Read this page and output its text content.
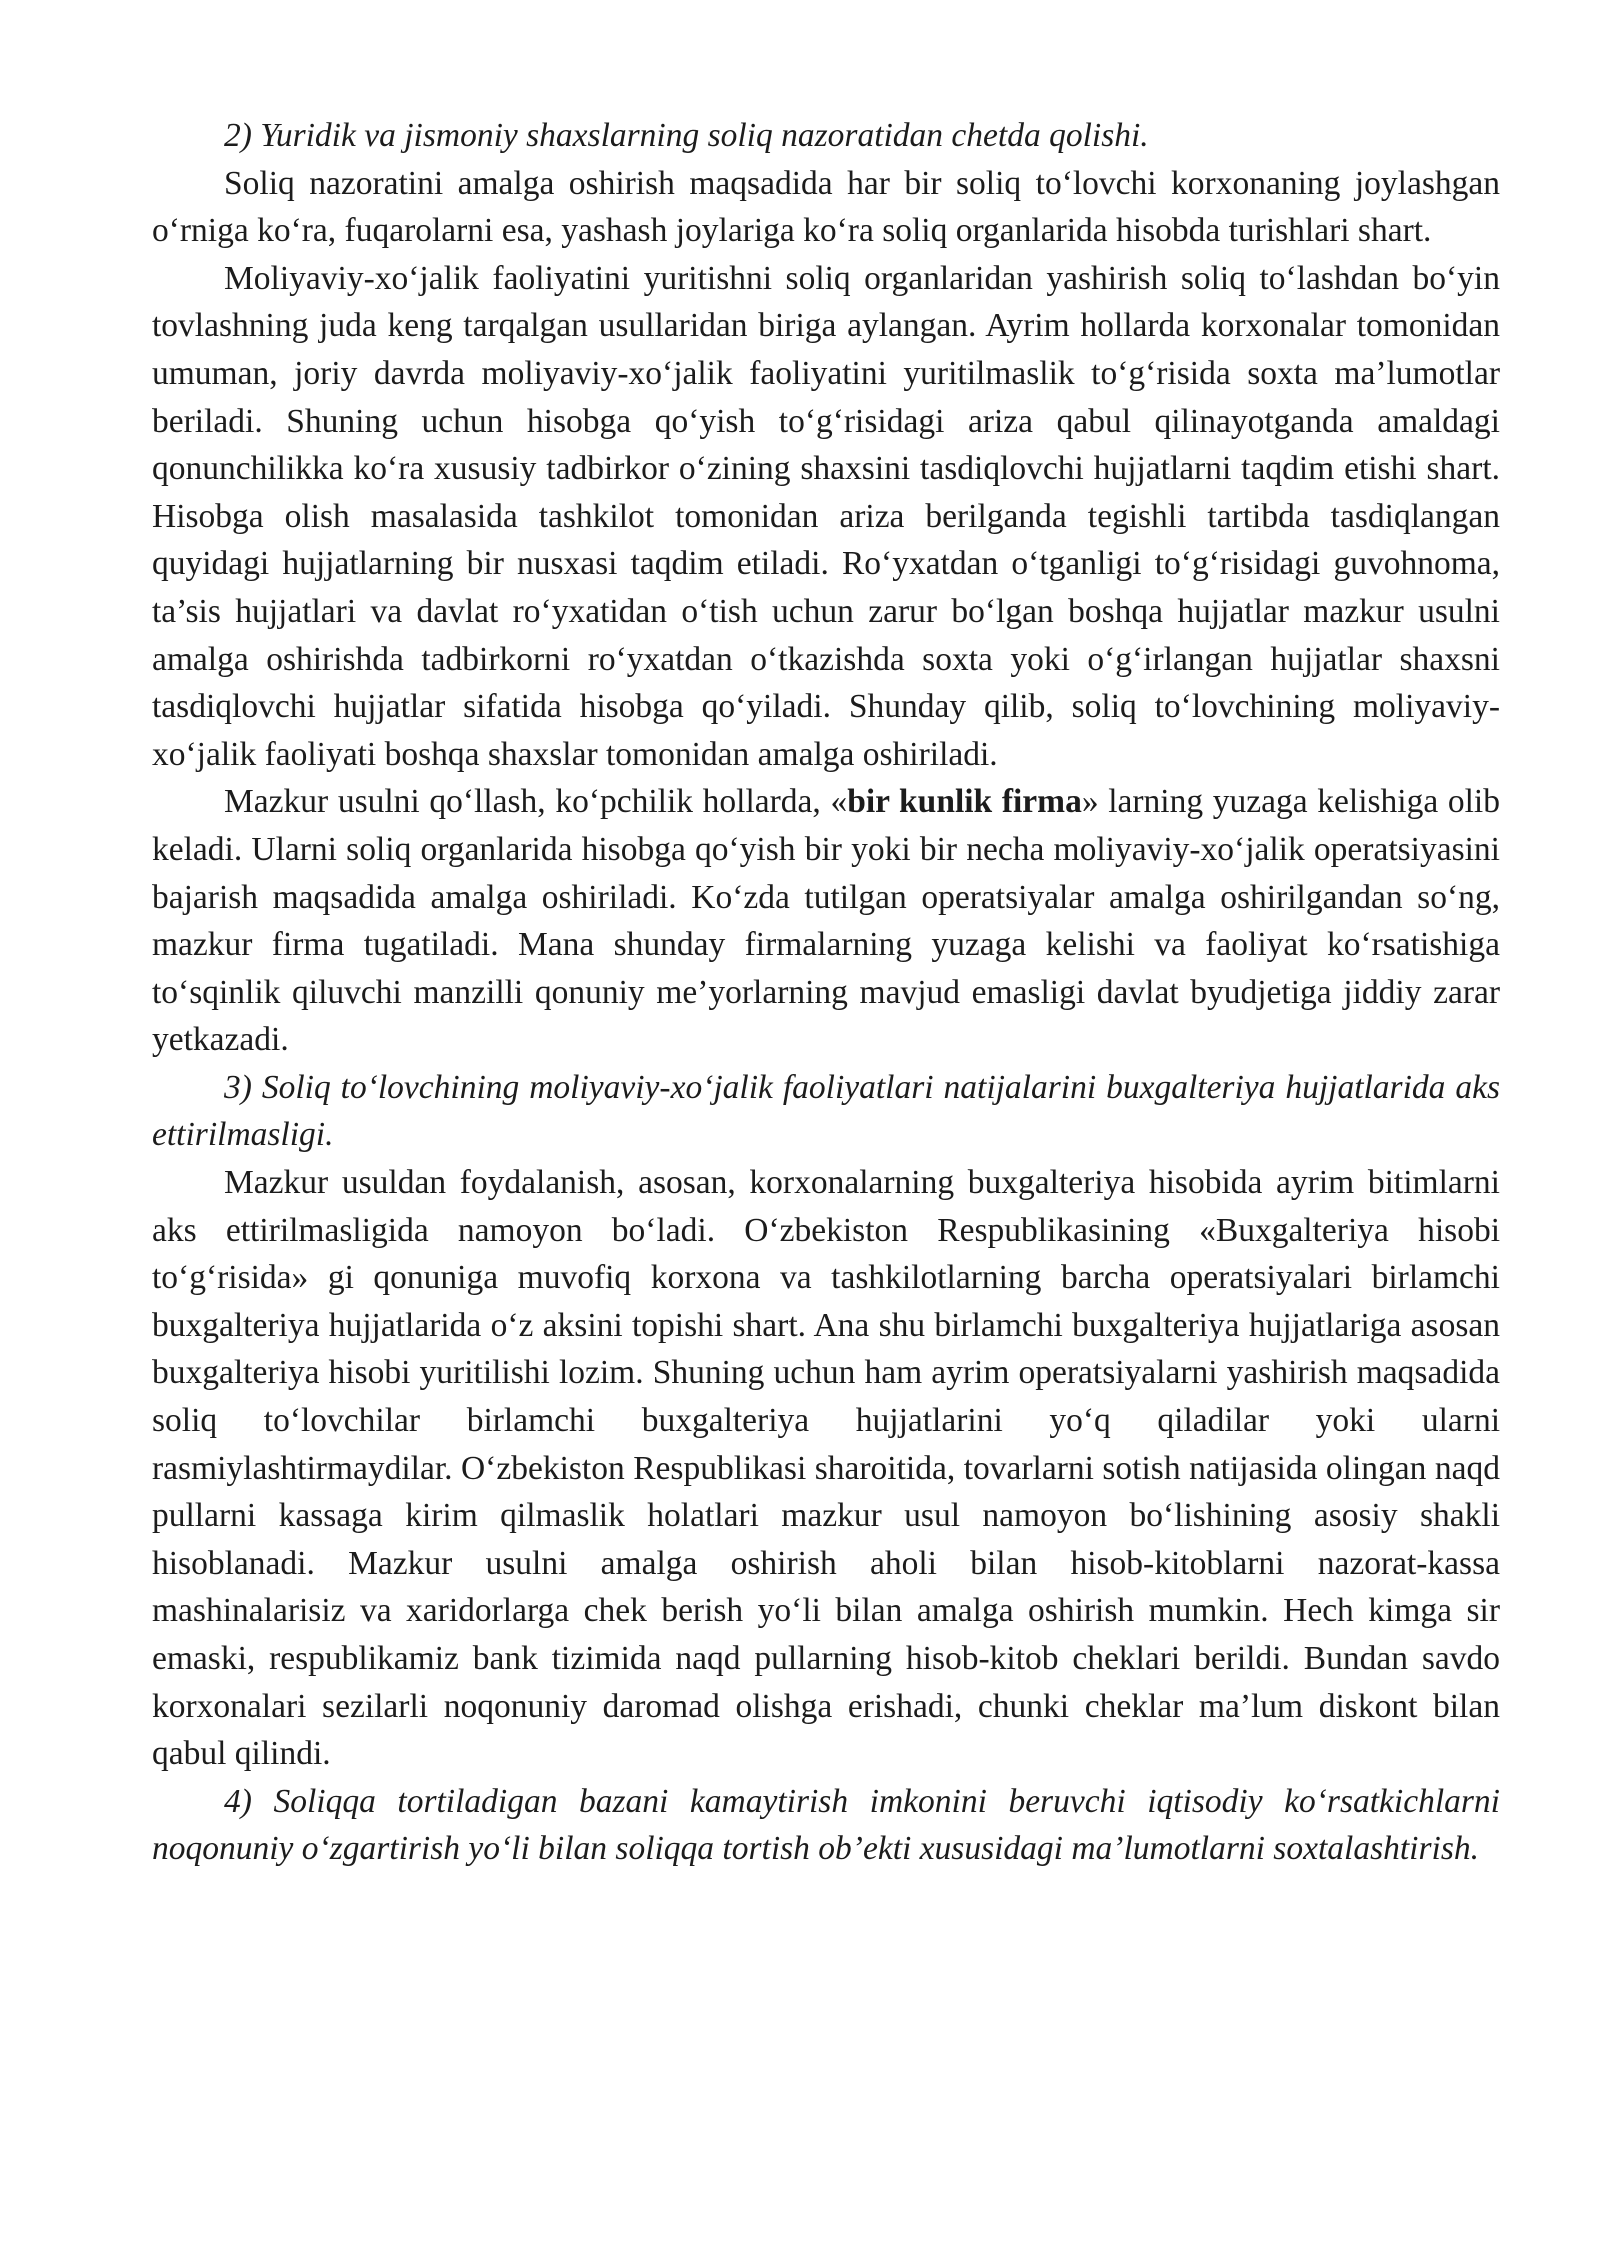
2) Yuridik va jismoniy shaxslarning soliq nazoratidan chetda qolishi.

Soliq nazoratini amalga oshirish maqsadida har bir soliq to‘lovchi korxonaning joylashgan o‘rniga ko‘ra, fuqarolarni esa, yashash joylariga ko‘ra soliq organlarida hisobda turishlari shart.

Moliyaviy-xo‘jalik faoliyatini yuritishni soliq organlaridan yashirish soliq to‘lashdan bo‘yin tovlashning juda keng tarqalgan usullaridan biriga aylangan. Ayrim hollarda korxonalar tomonidan umuman, joriy davrda moliyaviy-xo‘jalik faoliyatini yuritilmaslik to‘g‘risida soxta ma’lumotlar beriladi. Shuning uchun hisobga qo‘yish to‘g‘risidagi ariza qabul qilinayotganda amaldagi qonunchilikka ko‘ra xususiy tadbirkor o‘zining shaxsini tasdiqlovchi hujjatlarni taqdim etishi shart. Hisobga olish masalasida tashkilot tomonidan ariza berilganda tegishli tartibda tasdiqlangan quyidagi hujjatlarning bir nusxasi taqdim etiladi. Ro‘yxatdan o‘tganligi to‘g‘risidagi guvohnoma, ta’sis hujjatlari va davlat ro‘yxatidan o‘tish uchun zarur bo‘lgan boshqa hujjatlar mazkur usulni amalga oshirishda tadbirkorni ro‘yxatdan o‘tkazishda soxta yoki o‘g‘irlangan hujjatlar shaxsni tasdiqlovchi hujjatlar sifatida hisobga qo‘yiladi. Shunday qilib, soliq to‘lovchining moliyaviy-xo‘jalik faoliyati boshqa shaxslar tomonidan amalga oshiriladi.

Mazkur usulni qo‘llash, ko‘pchilik hollarda, «bir kunlik firma» larning yuzaga kelishiga olib keladi. Ularni soliq organlarida hisobga qo‘yish bir yoki bir necha moliyaviy-xo‘jalik operatsiyasini bajarish maqsadida amalga oshiriladi. Ko‘zda tutilgan operatsiyalar amalga oshirilgandan so‘ng, mazkur firma tugatiladi. Mana shunday firmalarning yuzaga kelishi va faoliyat ko‘rsatishiga to‘sqinlik qiluvchi manzilli qonuniy me’yorlarning mavjud emasligi davlat byudjetiga jiddiy zarar yetkazadi.

3) Soliq to‘lovchining moliyaviy-xo‘jalik faoliyatlari natijalarini buxgalteriya hujjatlarida aks ettirilmasligi.

Mazkur usuldan foydalanish, asosan, korxonalarning buxgalteriya hisobida ayrim bitimlarni aks ettirilmasligida namoyon bo‘ladi. O‘zbekiston Respublikasining «Buxgalteriya hisobi to‘g‘risida» gi qonuniga muvofiq korxona va tashkilotlarning barcha operatsiyalari birlamchi buxgalteriya hujjatlarida o‘z aksini topishi shart. Ana shu birlamchi buxgalteriya hujjatlariga asosan buxgalteriya hisobi yuritilishi lozim. Shuning uchun ham ayrim operatsiyalarni yashirish maqsadida soliq to‘lovchilar birlamchi buxgalteriya hujjatlarini yo‘q qiladilar yoki ularni rasmiylashtirmaydilar. O‘zbekiston Respublikasi sharoitida, tovarlarni sotish natijasida olingan naqd pullarni kassaga kirim qilmaslik holatlari mazkur usul namoyon bo‘lishining asosiy shakli hisoblanadi. Mazkur usulni amalga oshirish aholi bilan hisob-kitoblarni nazorat-kassa mashinalarisiz va xaridorlarga chek berish yo‘li bilan amalga oshirish mumkin. Hech kimga sir emaski, respublikamiz bank tizimida naqd pullarning hisob-kitob cheklari berildi. Bundan savdo korxonalari sezilarli noqonuniy daromad olishga erishadi, chunki cheklar ma’lum diskont bilan qabul qilindi.

4) Soliqqa tortiladigan bazani kamaytirish imkonini beruvchi iqtisodiy ko‘rsatkichlarni noqonuniy o‘zgartirish yo‘li bilan soliqqa tortish ob’ekti xususidagi ma’lumotlarni soxtalashtirish.
